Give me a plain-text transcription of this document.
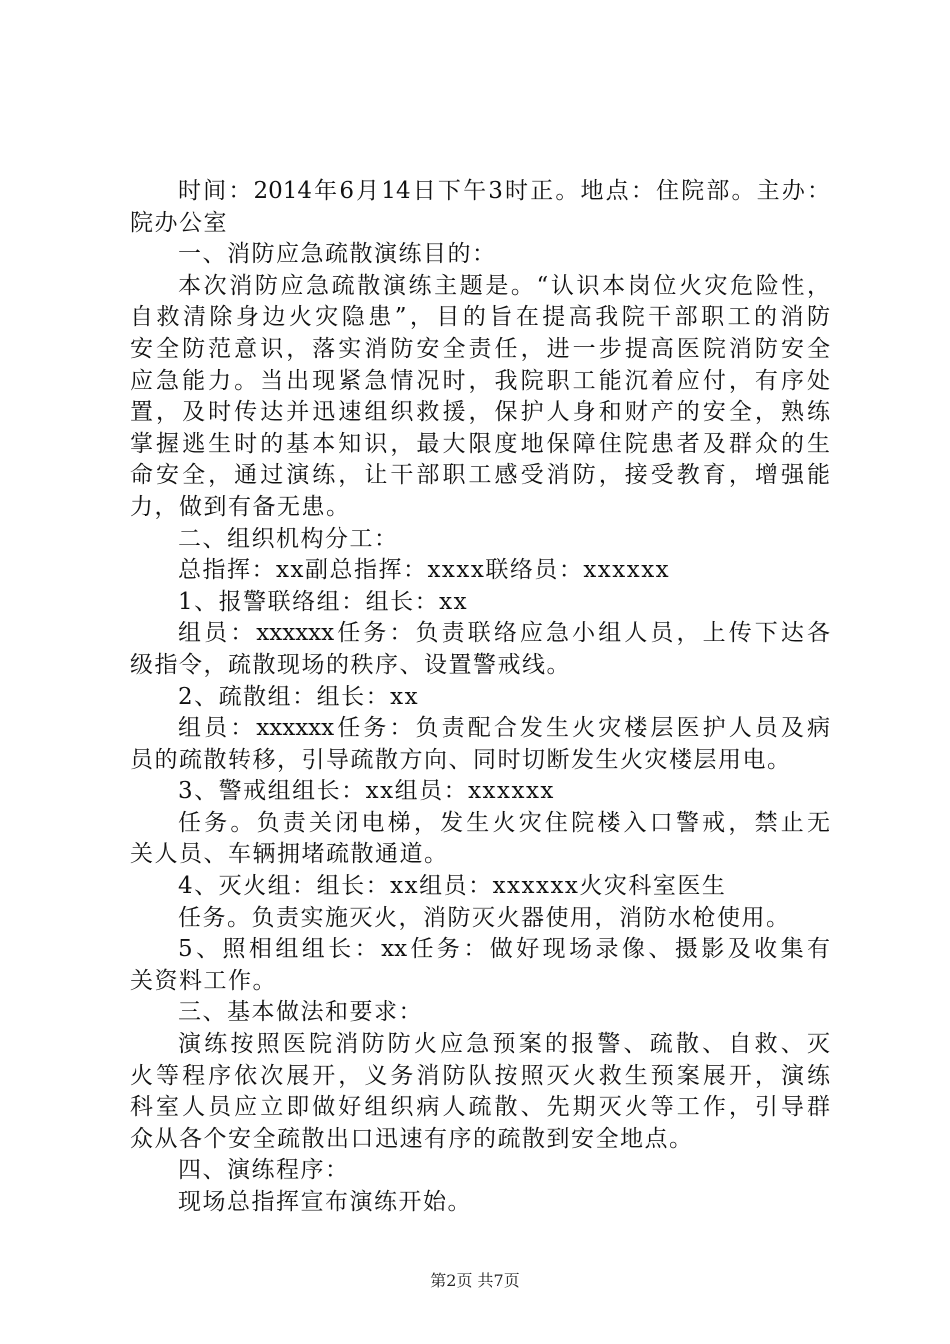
时间：2014年6月14日下午3时正。地点：住院部。主办：
院办公室
一、消防应急疏散演练目的：
本次消防应急疏散演练主题是。“认识本岗位火灾危险性，
自救清除身边火灾隐患”，目的旨在提高我院干部职工的消防
安全防范意识，落实消防安全责任，进一步提高医院消防安全
应急能力。当出现紧急情况时，我院职工能沉着应付，有序处
置，及时传达并迅速组织救援，保护人身和财产的安全，熟练
掌握逃生时的基本知识，最大限度地保障住院患者及群众的生
命安全，通过演练，让干部职工感受消防，接受教育，增强能
力，做到有备无患。
二、组织机构分工：
总指挥：xx副总指挥：xxxx联络员：xxxxxx
1、报警联络组：组长：xx
组员：xxxxxx任务：负责联络应急小组人员，上传下达各
级指令，疏散现场的秩序、设置警戒线。
2、疏散组：组长：xx
组员：xxxxxx任务：负责配合发生火灾楼层医护人员及病
员的疏散转移，引导疏散方向、同时切断发生火灾楼层用电。
3、警戒组组长：xx组员：xxxxxx
任务。负责关闭电梯，发生火灾住院楼入口警戒，禁止无
关人员、车辆拥堵疏散通道。
4、灭火组：组长：xx组员：xxxxxx火灾科室医生
任务。负责实施灭火，消防灭火器使用，消防水枪使用。
5、照相组组长：xx任务：做好现场录像、摄影及收集有
关资料工作。
三、基本做法和要求：
演练按照医院消防防火应急预案的报警、疏散、自救、灭
火等程序依次展开，义务消防队按照灭火救生预案展开，演练
科室人员应立即做好组织病人疏散、先期灭火等工作，引导群
众从各个安全疏散出口迅速有序的疏散到安全地点。
四、演练程序：
现场总指挥宣布演练开始。
第2页 共7页
